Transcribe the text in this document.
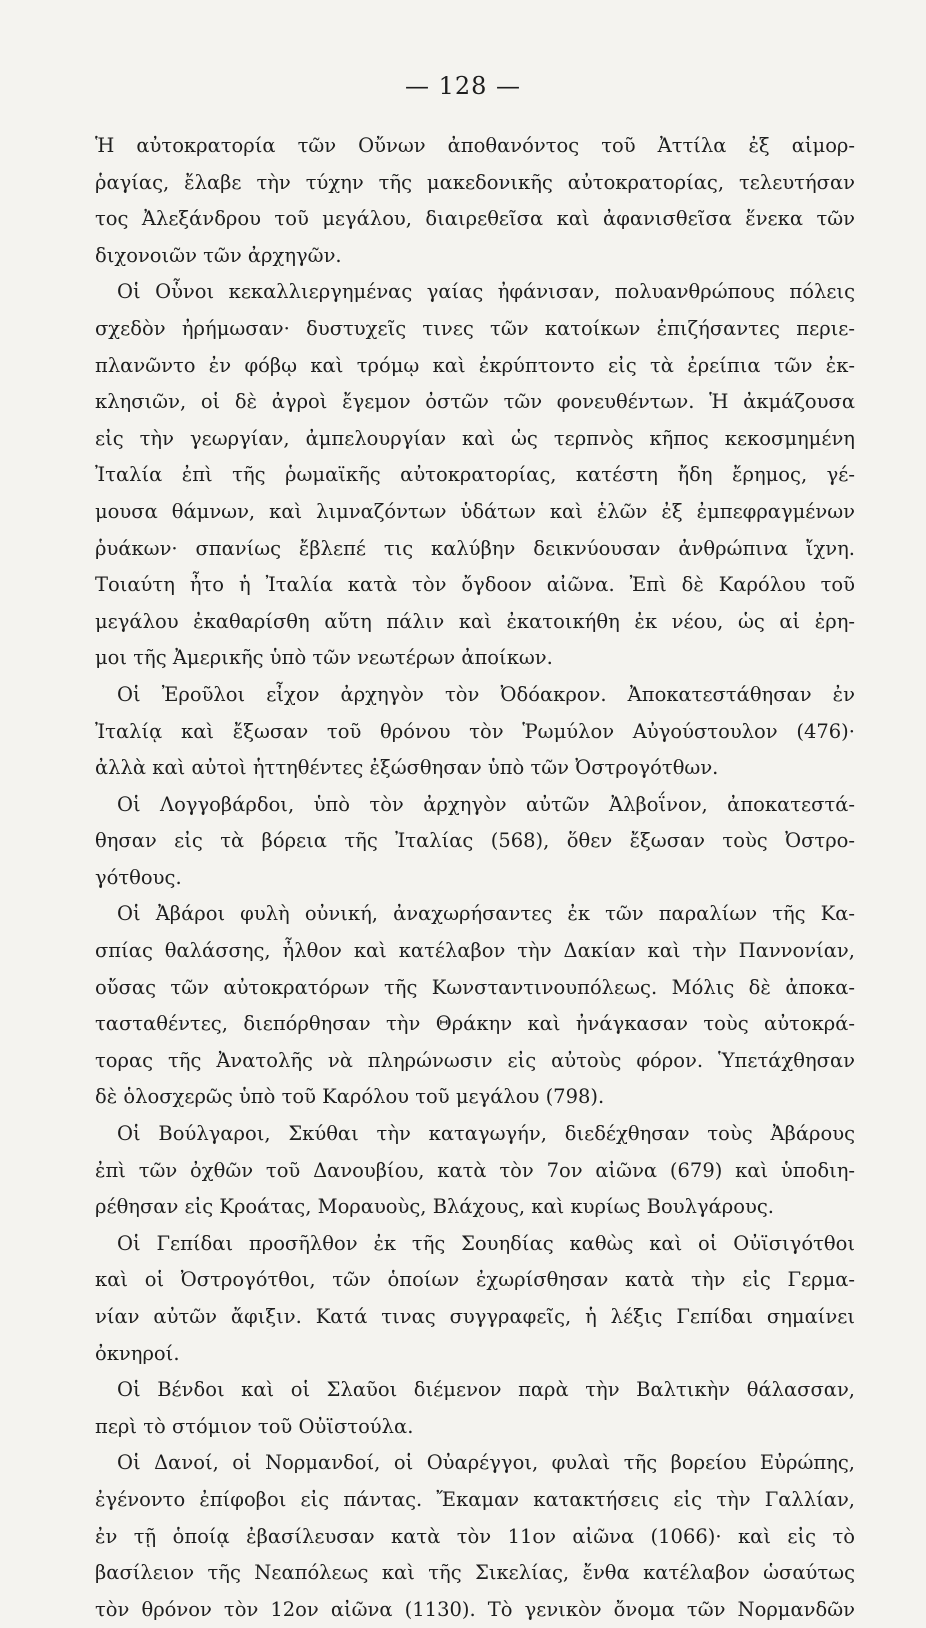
— 128 —
Ἡ αὐτοκρατορία τῶν Οὔνων ἀποθανόντος τοῦ Ἀττίλα ἐξ αἱμορ-
ῥαγίας, ἔλαβε τὴν τύχην τῆς μακεδονικῆς αὐτοκρατορίας, τελευτήσαν
τος Ἀλεξάνδρου τοῦ μεγάλου, διαιρεθεῖσα καὶ ἀφανισθεῖσα ἕνεκα τῶν
διχονοιῶν τῶν ἀρχηγῶν.
Οἱ Οὗνοι κεκαλλιεργημένας γαίας ἠφάνισαν, πολυανθρώπους πόλεις
σχεδὸν ἠρήμωσαν· δυστυχεῖς τινες τῶν κατοίκων ἐπιζήσαντες περιε-
πλανῶντο ἐν φόβῳ καὶ τρόμῳ καὶ ἐκρύπτοντο εἰς τὰ ἐρείπια τῶν ἐκ-
κλησιῶν, οἱ δὲ ἀγροὶ ἔγεμον ὀστῶν τῶν φονευθέντων. Ἡ ἀκμάζουσα
εἰς τὴν γεωργίαν, ἀμπελουργίαν καὶ ὡς τερπνὸς κῆπος κεκοσμημένη
Ἰταλία ἐπὶ τῆς ῥωμαϊκῆς αὐτοκρατορίας, κατέστη ἤδη ἔρημος, γέ-
μουσα θάμνων, καὶ λιμναζόντων ὑδάτων καὶ ἑλῶν ἐξ ἐμπεφραγμένων
ῥυάκων· σπανίως ἔβλεπέ τις καλύβην δεικνύουσαν ἀνθρώπινα ἴχνη.
Τοιαύτη ἦτο ἡ Ἰταλία κατὰ τὸν ὄγδοον αἰῶνα. Ἐπὶ δὲ Καρόλου τοῦ
μεγάλου ἐκαθαρίσθη αὕτη πάλιν καὶ ἐκατοικήθη ἐκ νέου, ὡς αἱ ἐρη-
μοι τῆς Ἀμερικῆς ὑπὸ τῶν νεωτέρων ἀποίκων.
Οἱ Ἐροῦλοι εἶχον ἀρχηγὸν τὸν Ὀδόακρον. Ἀποκατεστάθησαν ἐν
Ἰταλίᾳ καὶ ἔξωσαν τοῦ θρόνου τὸν Ῥωμύλον Αὐγούστουλον (476)·
ἀλλὰ καὶ αὐτοὶ ἡττηθέντες ἐξώσθησαν ὑπὸ τῶν Ὀστρογότθων.
Οἱ Λογγοβάρδοι, ὑπὸ τὸν ἀρχηγὸν αὐτῶν Ἀλβοΐνον, ἀποκατεστά-
θησαν εἰς τὰ βόρεια τῆς Ἰταλίας (568), ὅθεν ἔξωσαν τοὺς Ὀστρο-
γότθους.
Οἱ Ἀβάροι φυλὴ οὐνική, ἀναχωρήσαντες ἐκ τῶν παραλίων τῆς Κα-
σπίας θαλάσσης, ἦλθον καὶ κατέλαβον τὴν Δακίαν καὶ τὴν Παννονίαν,
οὔσας τῶν αὐτοκρατόρων τῆς Κωνσταντινουπόλεως. Μόλις δὲ ἀποκα-
τασταθέντες, διεπόρθησαν τὴν Θράκην καὶ ἠνάγκασαν τοὺς αὐτοκρά-
τορας τῆς Ἀνατολῆς νὰ πληρώνωσιν εἰς αὐτοὺς φόρον. Ὑπετάχθησαν
δὲ ὁλοσχερῶς ὑπὸ τοῦ Καρόλου τοῦ μεγάλου (798).
Οἱ Βούλγαροι, Σκύθαι τὴν καταγωγήν, διεδέχθησαν τοὺς Ἀβάρους
ἐπὶ τῶν ὀχθῶν τοῦ Δανουβίου, κατὰ τὸν 7ον αἰῶνα (679) καὶ ὑποδιη-
ρέθησαν εἰς Κροάτας, Μοραυοὺς, Βλάχους, καὶ κυρίως Βουλγάρους.
Οἱ Γεπίδαι προσῆλθον ἐκ τῆς Σουηδίας καθὼς καὶ οἱ Οὐϊσιγότθοι
καὶ οἱ Ὀστρογότθοι, τῶν ὁποίων ἐχωρίσθησαν κατὰ τὴν εἰς Γερμα-
νίαν αὐτῶν ἄφιξιν. Κατά τινας συγγραφεῖς, ἡ λέξις Γεπίδαι σημαίνει
ὀκνηροί.
Οἱ Βένδοι καὶ οἱ Σλαῦοι διέμενον παρὰ τὴν Βαλτικὴν θάλασσαν,
περὶ τὸ στόμιον τοῦ Οὐϊστούλα.
Οἱ Δανοί, οἱ Νορμανδοί, οἱ Οὐαρέγγοι, φυλαὶ τῆς βορείου Εὐρώπης,
ἐγένοντο ἐπίφοβοι εἰς πάντας. Ἔκαμαν κατακτήσεις εἰς τὴν Γαλλίαν,
ἐν τῇ ὁποίᾳ ἐβασίλευσαν κατὰ τὸν 11ον αἰῶνα (1066)· καὶ εἰς τὸ
βασίλειον τῆς Νεαπόλεως καὶ τῆς Σικελίας, ἔνθα κατέλαβον ὡσαύτως
τὸν θρόνον τὸν 12ον αἰῶνα (1130). Τὸ γενικὸν ὄνομα τῶν Νορμανδῶν
